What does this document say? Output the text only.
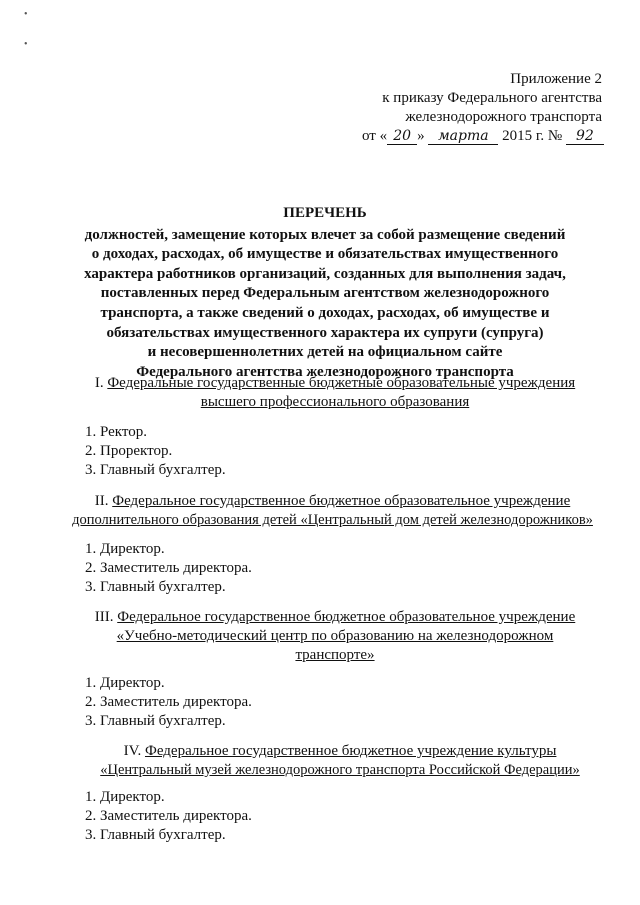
•
•
Приложение 2
к приказу Федерального агентства
железнодорожного транспорта
от « 20 » марта 2015 г. № 92
ПЕРЕЧЕНЬ
должностей, замещение которых влечет за собой размещение сведений
о доходах, расходах, об имуществе и обязательствах имущественного
характера работников организаций, созданных для выполнения задач,
поставленных перед Федеральным агентством железнодорожного
транспорта, а также сведений о доходах, расходах, об имуществе и
обязательствах имущественного характера их супруги (супруга)
и несовершеннолетних детей на официальном сайте
Федерального агентства железнодорожного транспорта
I. Федеральные государственные бюджетные образовательные учреждения
высшего профессионального образования
1. Ректор.
2. Проректор.
3. Главный бухгалтер.
II. Федеральное государственное бюджетное образовательное учреждение
дополнительного образования детей «Центральный дом детей железнодорожников»
1. Директор.
2. Заместитель директора.
3. Главный бухгалтер.
III. Федеральное государственное бюджетное образовательное учреждение
«Учебно-методический центр по образованию на железнодорожном
транспорте»
1. Директор.
2. Заместитель директора.
3. Главный бухгалтер.
IV. Федеральное государственное бюджетное учреждение культуры
«Центральный музей железнодорожного транспорта Российской Федерации»
1. Директор.
2. Заместитель директора.
3. Главный бухгалтер.
